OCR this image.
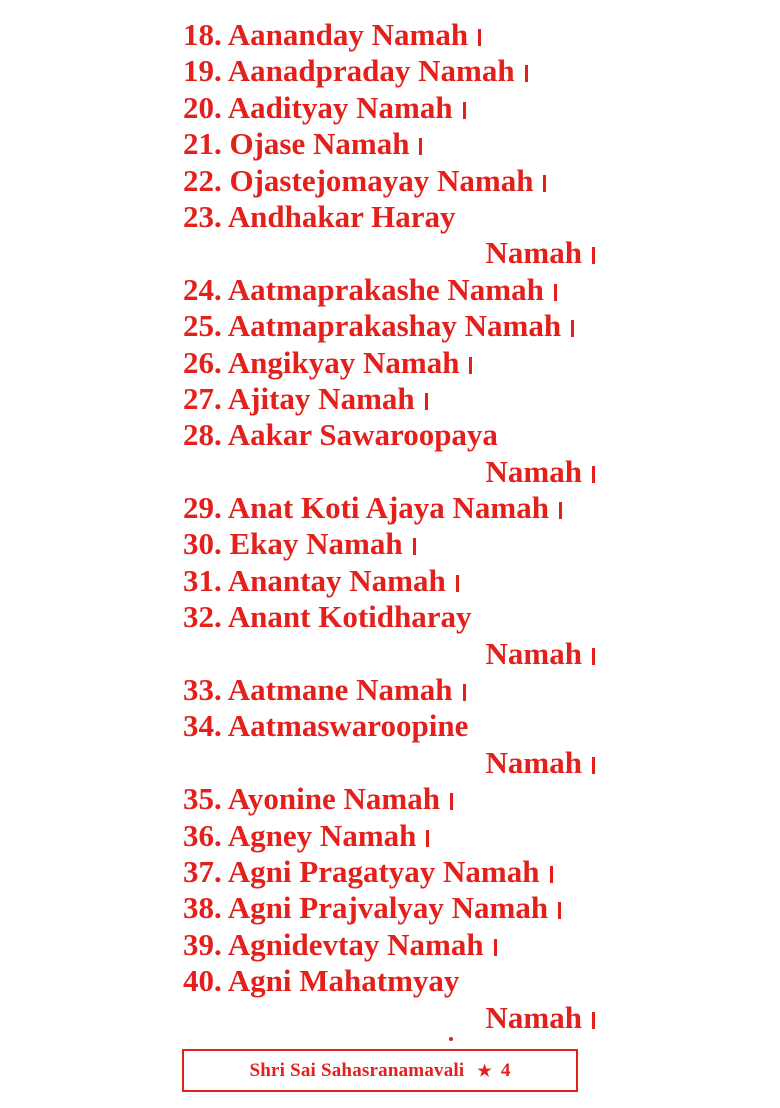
18. Aananday Namah
19. Aanadpraday Namah
20. Aadityay Namah
21. Ojase Namah
22. Ojastejomayay Namah
23. Andhakar Haray
Namah
24. Aatmaprakashe Namah
25. Aatmaprakashay Namah
26. Angikyay Namah
27. Ajitay Namah
28. Aakar Sawaroopaya
Namah
29. Anat Koti Ajaya Namah
30. Ekay Namah
31. Anantay Namah
32. Anant Kotidharay
Namah
33. Aatmane Namah
34. Aatmaswaroopine
Namah
35. Ayonine Namah
36. Agney Namah
37. Agni Pragatyay Namah
38. Agni Prajvalyay Namah
39. Agnidevtay Namah
40. Agni Mahatmyay
Namah
Shri Sai Sahasranamavali ★ 4
